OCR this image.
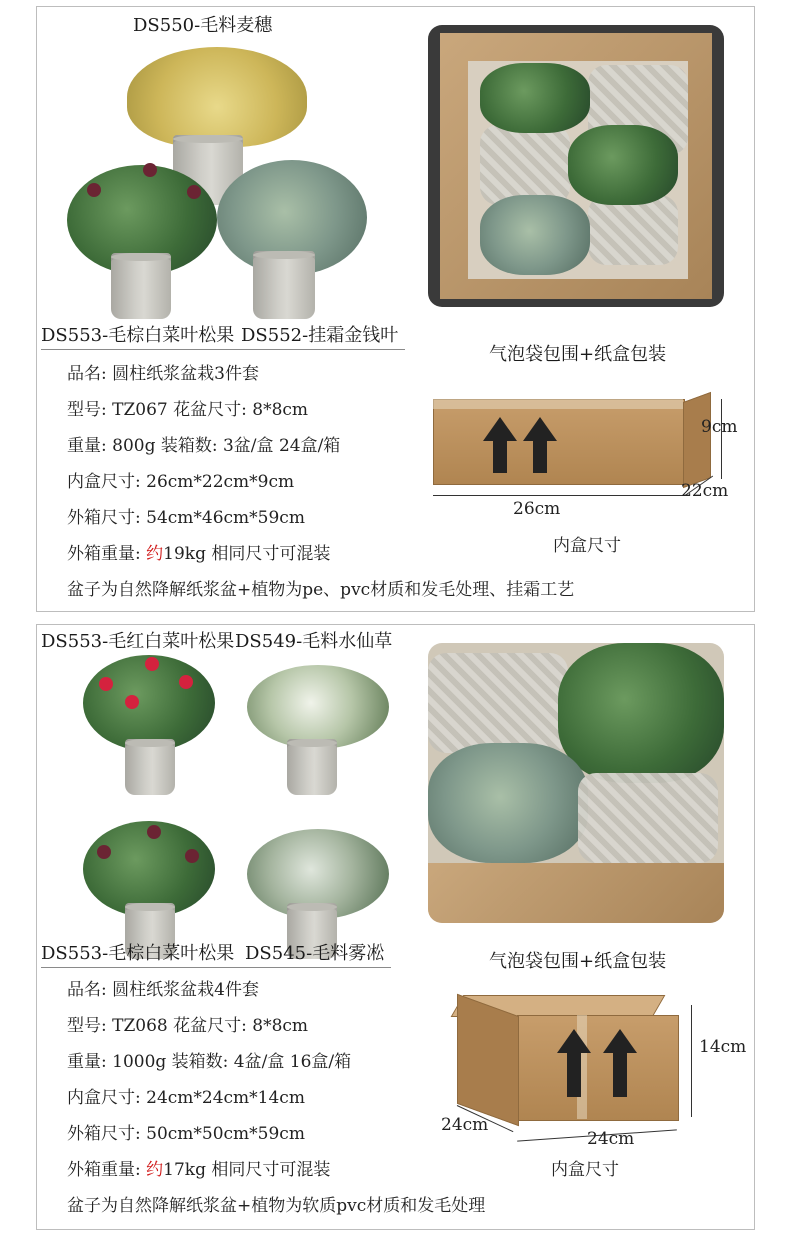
DS550-毛料麦穗
DS553-毛棕白菜叶松果 DS552-挂霜金钱叶
气泡袋包围+纸盒包装
品名: 圆柱纸浆盆栽3件套
型号: TZ067 花盆尺寸: 8*8cm
重量: 800g 装箱数: 3盆/盒 24盒/箱
内盒尺寸: 26cm*22cm*9cm
外箱尺寸: 54cm*46cm*59cm
外箱重量: 约19kg 相同尺寸可混装
盆子为自然降解纸浆盆+植物为pe、pvc材质和发毛处理、挂霜工艺
9cm
22cm
26cm
内盒尺寸
DS553-毛红白菜叶松果 DS549-毛料水仙草
DS553-毛棕白菜叶松果 DS545-毛料雾凇	气泡袋包围+纸盒包装
品名: 圆柱纸浆盆栽4件套
型号: TZ068 花盆尺寸: 8*8cm
重量: 1000g 装箱数: 4盆/盒 16盒/箱
内盒尺寸: 24cm*24cm*14cm
外箱尺寸: 50cm*50cm*59cm
外箱重量: 约17kg 相同尺寸可混装
盆子为自然降解纸浆盆+植物为软质pvc材质和发毛处理
14cm
24cm
24cm
内盒尺寸
